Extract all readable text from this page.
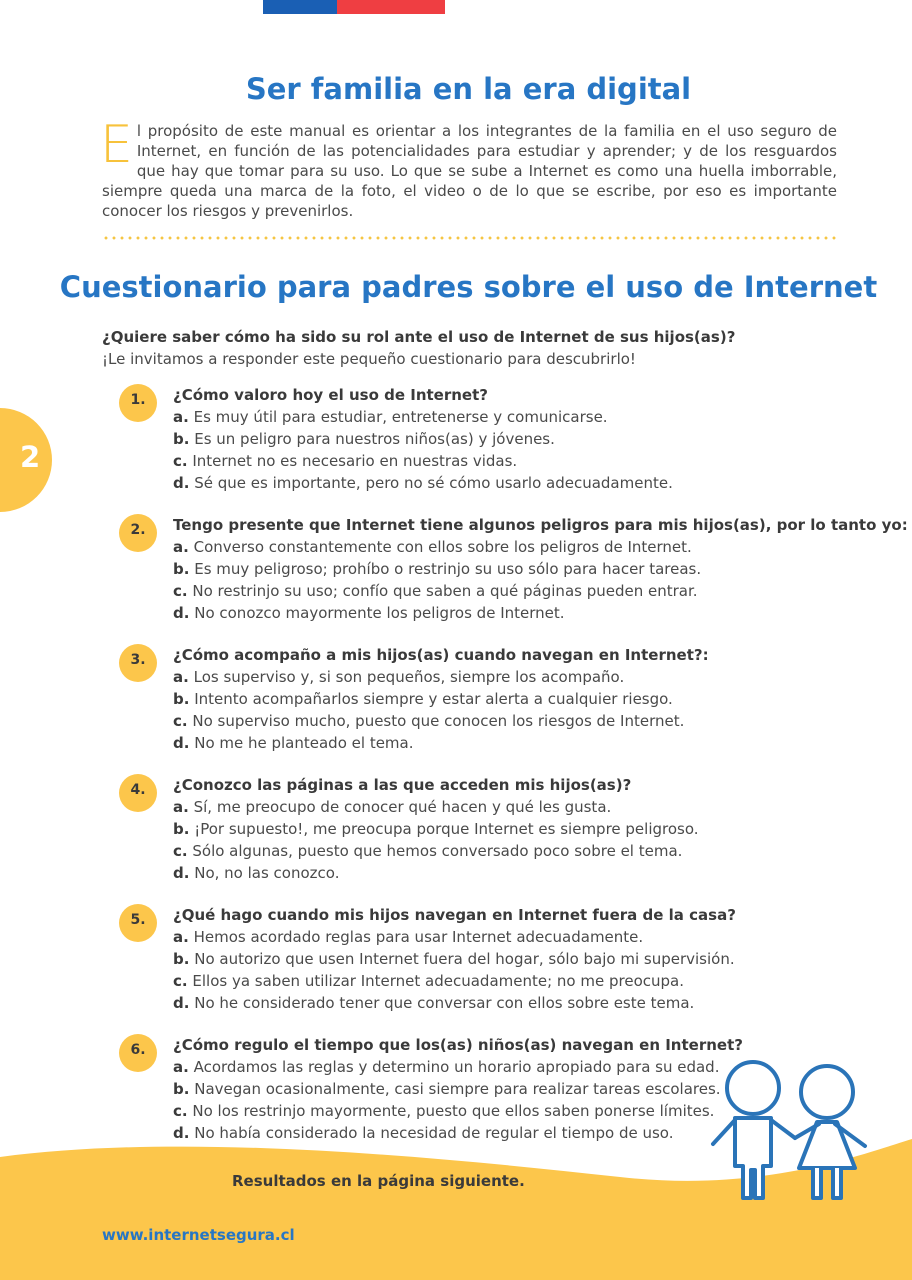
Ser familia en la era digital

El propósito de este manual es orientar a los integrantes de la familia en el uso seguro de Internet, en función de las potencialidades para estudiar y aprender; y de los resguardos que hay que tomar para su uso. Lo que se sube a Internet es como una huella imborrable, siempre queda una marca de la foto, el video o de lo que se escribe, por eso es importante conocer los riesgos y prevenirlos.

Cuestionario para padres sobre el uso de Internet

¿Quiere saber cómo ha sido su rol ante el uso de Internet de sus hijos(as)?

¡Le invitamos a responder este pequeño cuestionario para descubrirlo!

2
1.	¿Cómo valoro hoy el uso de Internet?

a. Es muy útil para estudiar, entretenerse y comunicarse.

b. Es un peligro para nuestros niños(as) y jóvenes.

c. Internet no es necesario en nuestras vidas.

d. Sé que es importante, pero no sé cómo usarlo adecuadamente.

2.	Tengo presente que Internet tiene algunos peligros para mis hijos(as), por lo tanto yo:

a. Converso constantemente con ellos sobre los peligros de Internet.

b. Es muy peligroso; prohíbo o restrinjo su uso sólo para hacer tareas.

c. No restrinjo su uso; confío que saben a qué páginas pueden entrar.

d. No conozco mayormente los peligros de Internet.

3.	¿Cómo acompaño a mis hijos(as) cuando navegan en Internet?:

a. Los superviso y, si son pequeños, siempre los acompaño.

b. Intento acompañarlos siempre y estar alerta a cualquier riesgo.

c. No superviso mucho, puesto que conocen los riesgos de Internet.

d. No me he planteado el tema.

4.	¿Conozco las páginas a las que acceden mis hijos(as)?

a. Sí, me preocupo de conocer qué hacen y qué les gusta.

b. ¡Por supuesto!, me preocupa porque Internet es siempre peligroso.

c. Sólo algunas, puesto que hemos conversado poco sobre el tema.

d. No, no las conozco.

5.	¿Qué hago cuando mis hijos navegan en Internet fuera de la casa?

a. Hemos acordado reglas para usar Internet adecuadamente.

b. No autorizo que usen Internet fuera del hogar, sólo bajo mi supervisión.

c. Ellos ya saben utilizar Internet adecuadamente; no me preocupa.

d. No he considerado tener que conversar con ellos sobre este tema.

6.	¿Cómo regulo el tiempo que los(as) niños(as) navegan en Internet?

a. Acordamos las reglas y determino un horario apropiado para su edad.

b. Navegan ocasionalmente, casi siempre para realizar tareas escolares.

c. No los restrinjo mayormente, puesto que ellos saben ponerse límites.

d. No había considerado la necesidad de regular el tiempo de uso.

Resultados en la página siguiente.

www.internetsegura.cl
